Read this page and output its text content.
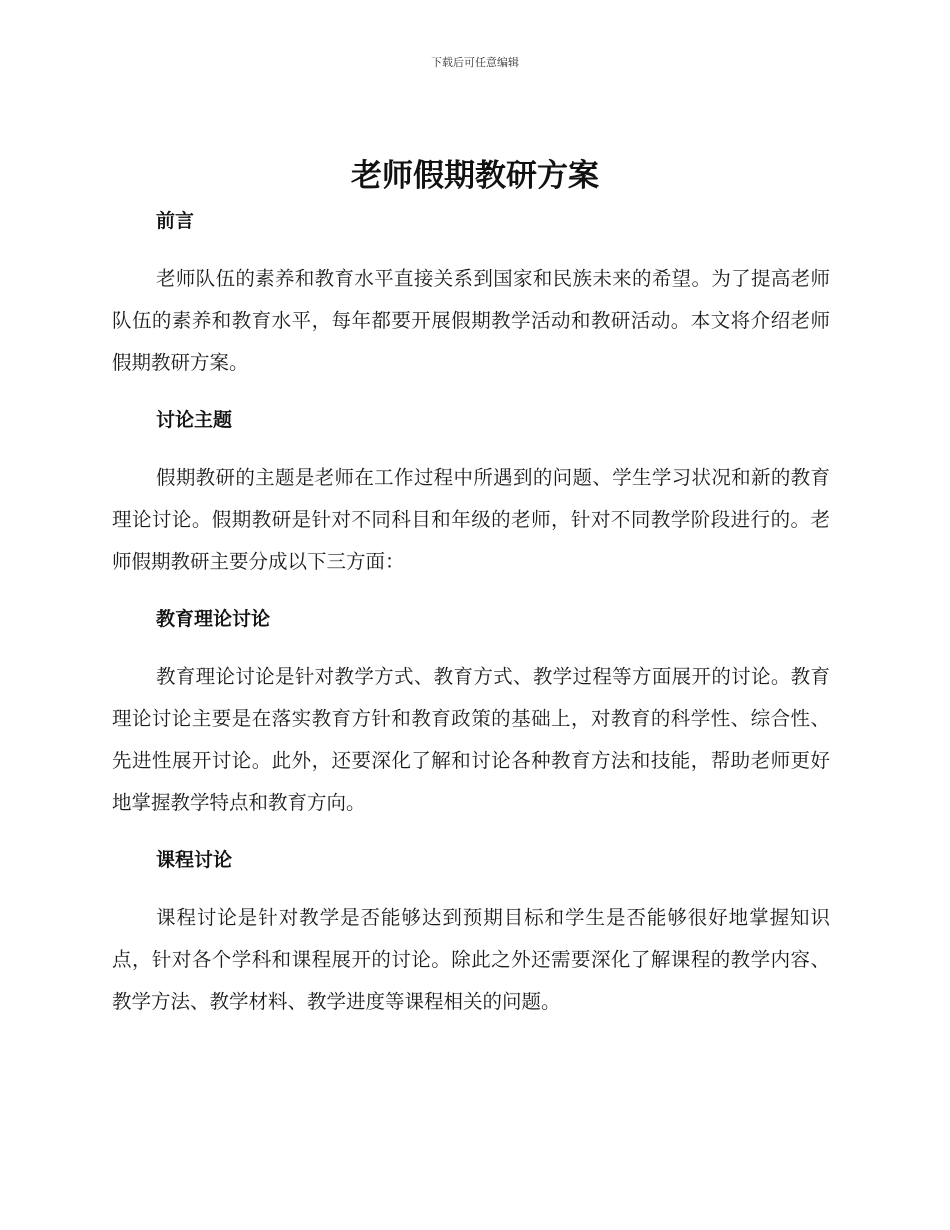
下载后可任意编辑
老师假期教研方案
前言

老师队伍的素养和教育水平直接关系到国家和民族未来的希望。为了提高老师队伍的素养和教育水平，每年都要开展假期教学活动和教研活动。本文将介绍老师假期教研方案。

讨论主题

假期教研的主题是老师在工作过程中所遇到的问题、学生学习状况和新的教育理论讨论。假期教研是针对不同科目和年级的老师，针对不同教学阶段进行的。老师假期教研主要分成以下三方面：

教育理论讨论

教育理论讨论是针对教学方式、教育方式、教学过程等方面展开的讨论。教育理论讨论主要是在落实教育方针和教育政策的基础上，对教育的科学性、综合性、先进性展开讨论。此外，还要深化了解和讨论各种教育方法和技能，帮助老师更好地掌握教学特点和教育方向。

课程讨论

课程讨论是针对教学是否能够达到预期目标和学生是否能够很好地掌握知识点，针对各个学科和课程展开的讨论。除此之外还需要深化了解课程的教学内容、教学方法、教学材料、教学进度等课程相关的问题。
